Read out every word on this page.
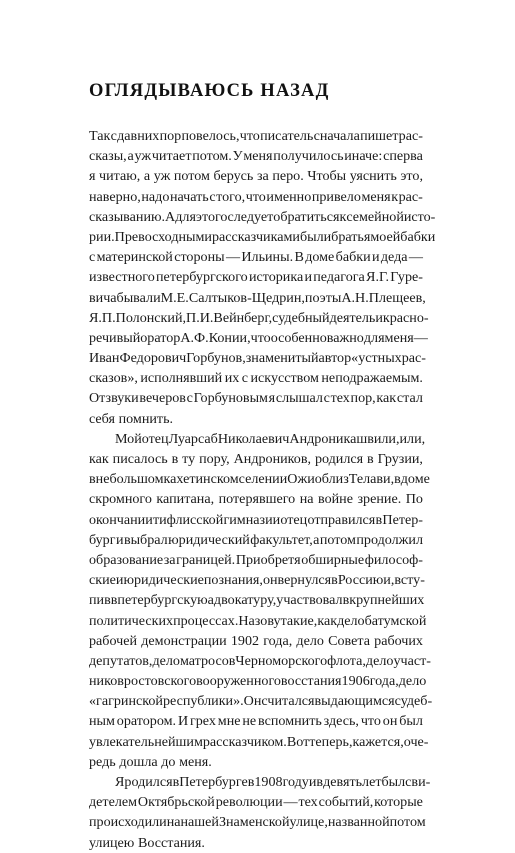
ОГЛЯДЫВАЮСЬ НАЗАД
Так с давних пор повелось, что писатель сначала пишет рас-
сказы, а уж читает потом. У меня получилось иначе: сперва
я читаю, а уж потом берусь за перо. Чтобы уяснить это,
наверно, надо начать с того, что именно привело меня к рас-
сказыванию. А для этого следует обратиться к семейной исто-
рии. Превосходными рассказчиками были братья моей бабки
с материнской стороны — Ильины. В доме бабки и деда —
известного петербургского историка и педагога Я.Г. Гуре-
вича бывали М.Е. Салтыков-Щедрин, поэты А.Н. Плещеев,
Я.П. Полонский, П.И. Вейнберг, судебный деятель и красно-
речивый оратор А.Ф. Кони и, что особенно важно для меня —
Иван Федорович Горбунов, знаменитый автор «устных рас-
сказов», исполнявший их с искусством неподражаемым.
Отзвуки вечеров с Горбуновым я слышал с тех пор, как стал
себя помнить.
Мой отец Луарсаб Николаевич Андроникашвили, или,
как писалось в ту пору, Андроников, родился в Грузии,
в небольшом кахетинском селении Ожио близ Телави, в доме
скромного капитана, потерявшего на войне зрение. По
окончании тифлисской гимназии отец отправился в Петер-
бург и выбрал юридический факультет, а потом продолжил
образование за границей. Приобретя обширные философ-
ские и юридические познания, он вернулся в Россию и, всту-
пив в петербургскую адвокатуру, участвовал в крупнейших
политических процессах. Назову такие, как дело батумской
рабочей демонстрации 1902 года, дело Совета рабочих
депутатов, дело матросов Черноморского флота, дело участ-
ников ростовского вооруженного восстания 1906 года, дело
«гагринской республики». Он считался выдающимся судеб-
ным оратором. И грех мне не вспомнить здесь, что он был
увлекательнейшим рассказчиком. Вот теперь, кажется, оче-
редь дошла до меня.
Я родился в Петербурге в 1908 году и в девять лет был сви-
детелем Октябрьской революции — тех событий, которые
происходили на нашей Знаменской улице, названной потом
улицею Восстания.
